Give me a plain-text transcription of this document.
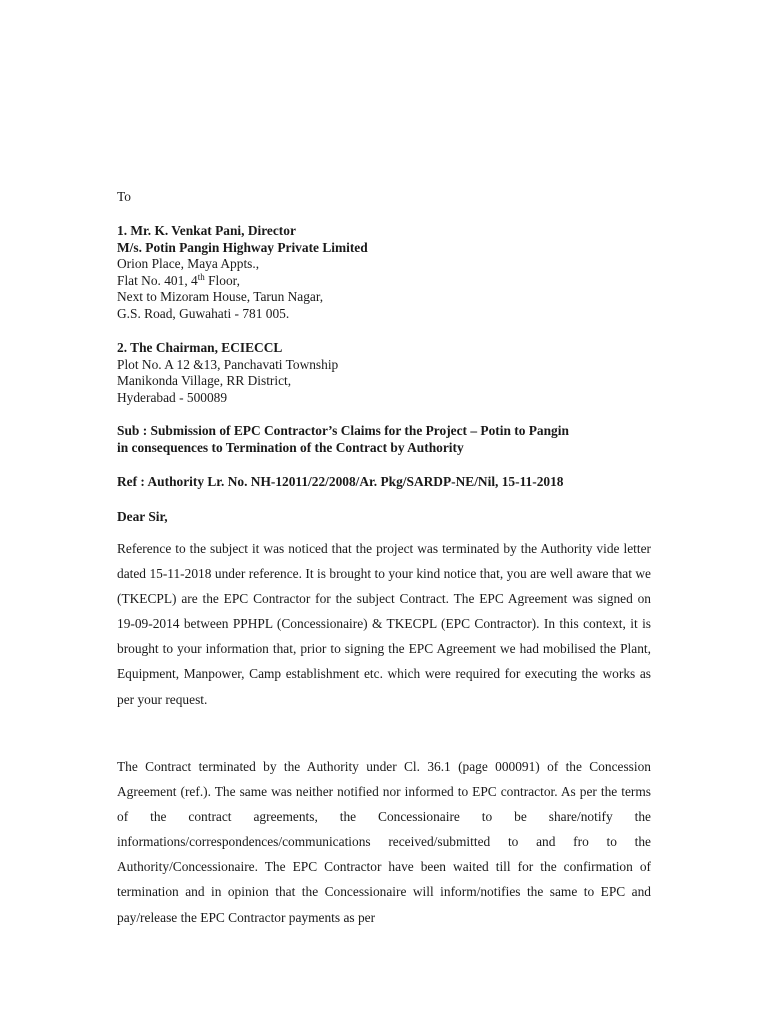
To
1. Mr. K. Venkat Pani, Director
M/s. Potin Pangin Highway Private Limited
Orion Place, Maya Appts.,
Flat No. 401, 4th Floor,
Next to Mizoram House, Tarun Nagar,
G.S. Road, Guwahati - 781 005.
2. The Chairman, ECIECCL
Plot No. A 12 &13, Panchavati Township
Manikonda Village, RR District,
Hyderabad - 500089
Sub : Submission of EPC Contractor’s Claims for the Project – Potin to Pangin
in consequences to Termination of the Contract by Authority
Ref : Authority Lr. No. NH-12011/22/2008/Ar. Pkg/SARDP-NE/Nil, 15-11-2018
Dear Sir,

Reference to the subject it was noticed that the project was terminated by the Authority vide letter dated 15-11-2018 under reference. It is brought to your kind notice that, you are well aware that we (TKECPL) are the EPC Contractor for the subject Contract. The EPC Agreement was signed on 19-09-2014 between PPHPL (Concessionaire) & TKECPL (EPC Contractor). In this context, it is brought to your information that, prior to signing the EPC Agreement we had mobilised the Plant, Equipment, Manpower, Camp establishment etc. which were required for executing the works as per your request.

The Contract terminated by the Authority under Cl. 36.1 (page 000091) of the Concession Agreement (ref.). The same was neither notified nor informed to EPC contractor. As per the terms of the contract agreements, the Concessionaire to be share/notify the informations/correspondences/communications received/submitted to and fro to the Authority/Concessionaire. The EPC Contractor have been waited till for the confirmation of termination and in opinion that the Concessionaire will inform/notifies the same to EPC and pay/release the EPC Contractor payments as per
